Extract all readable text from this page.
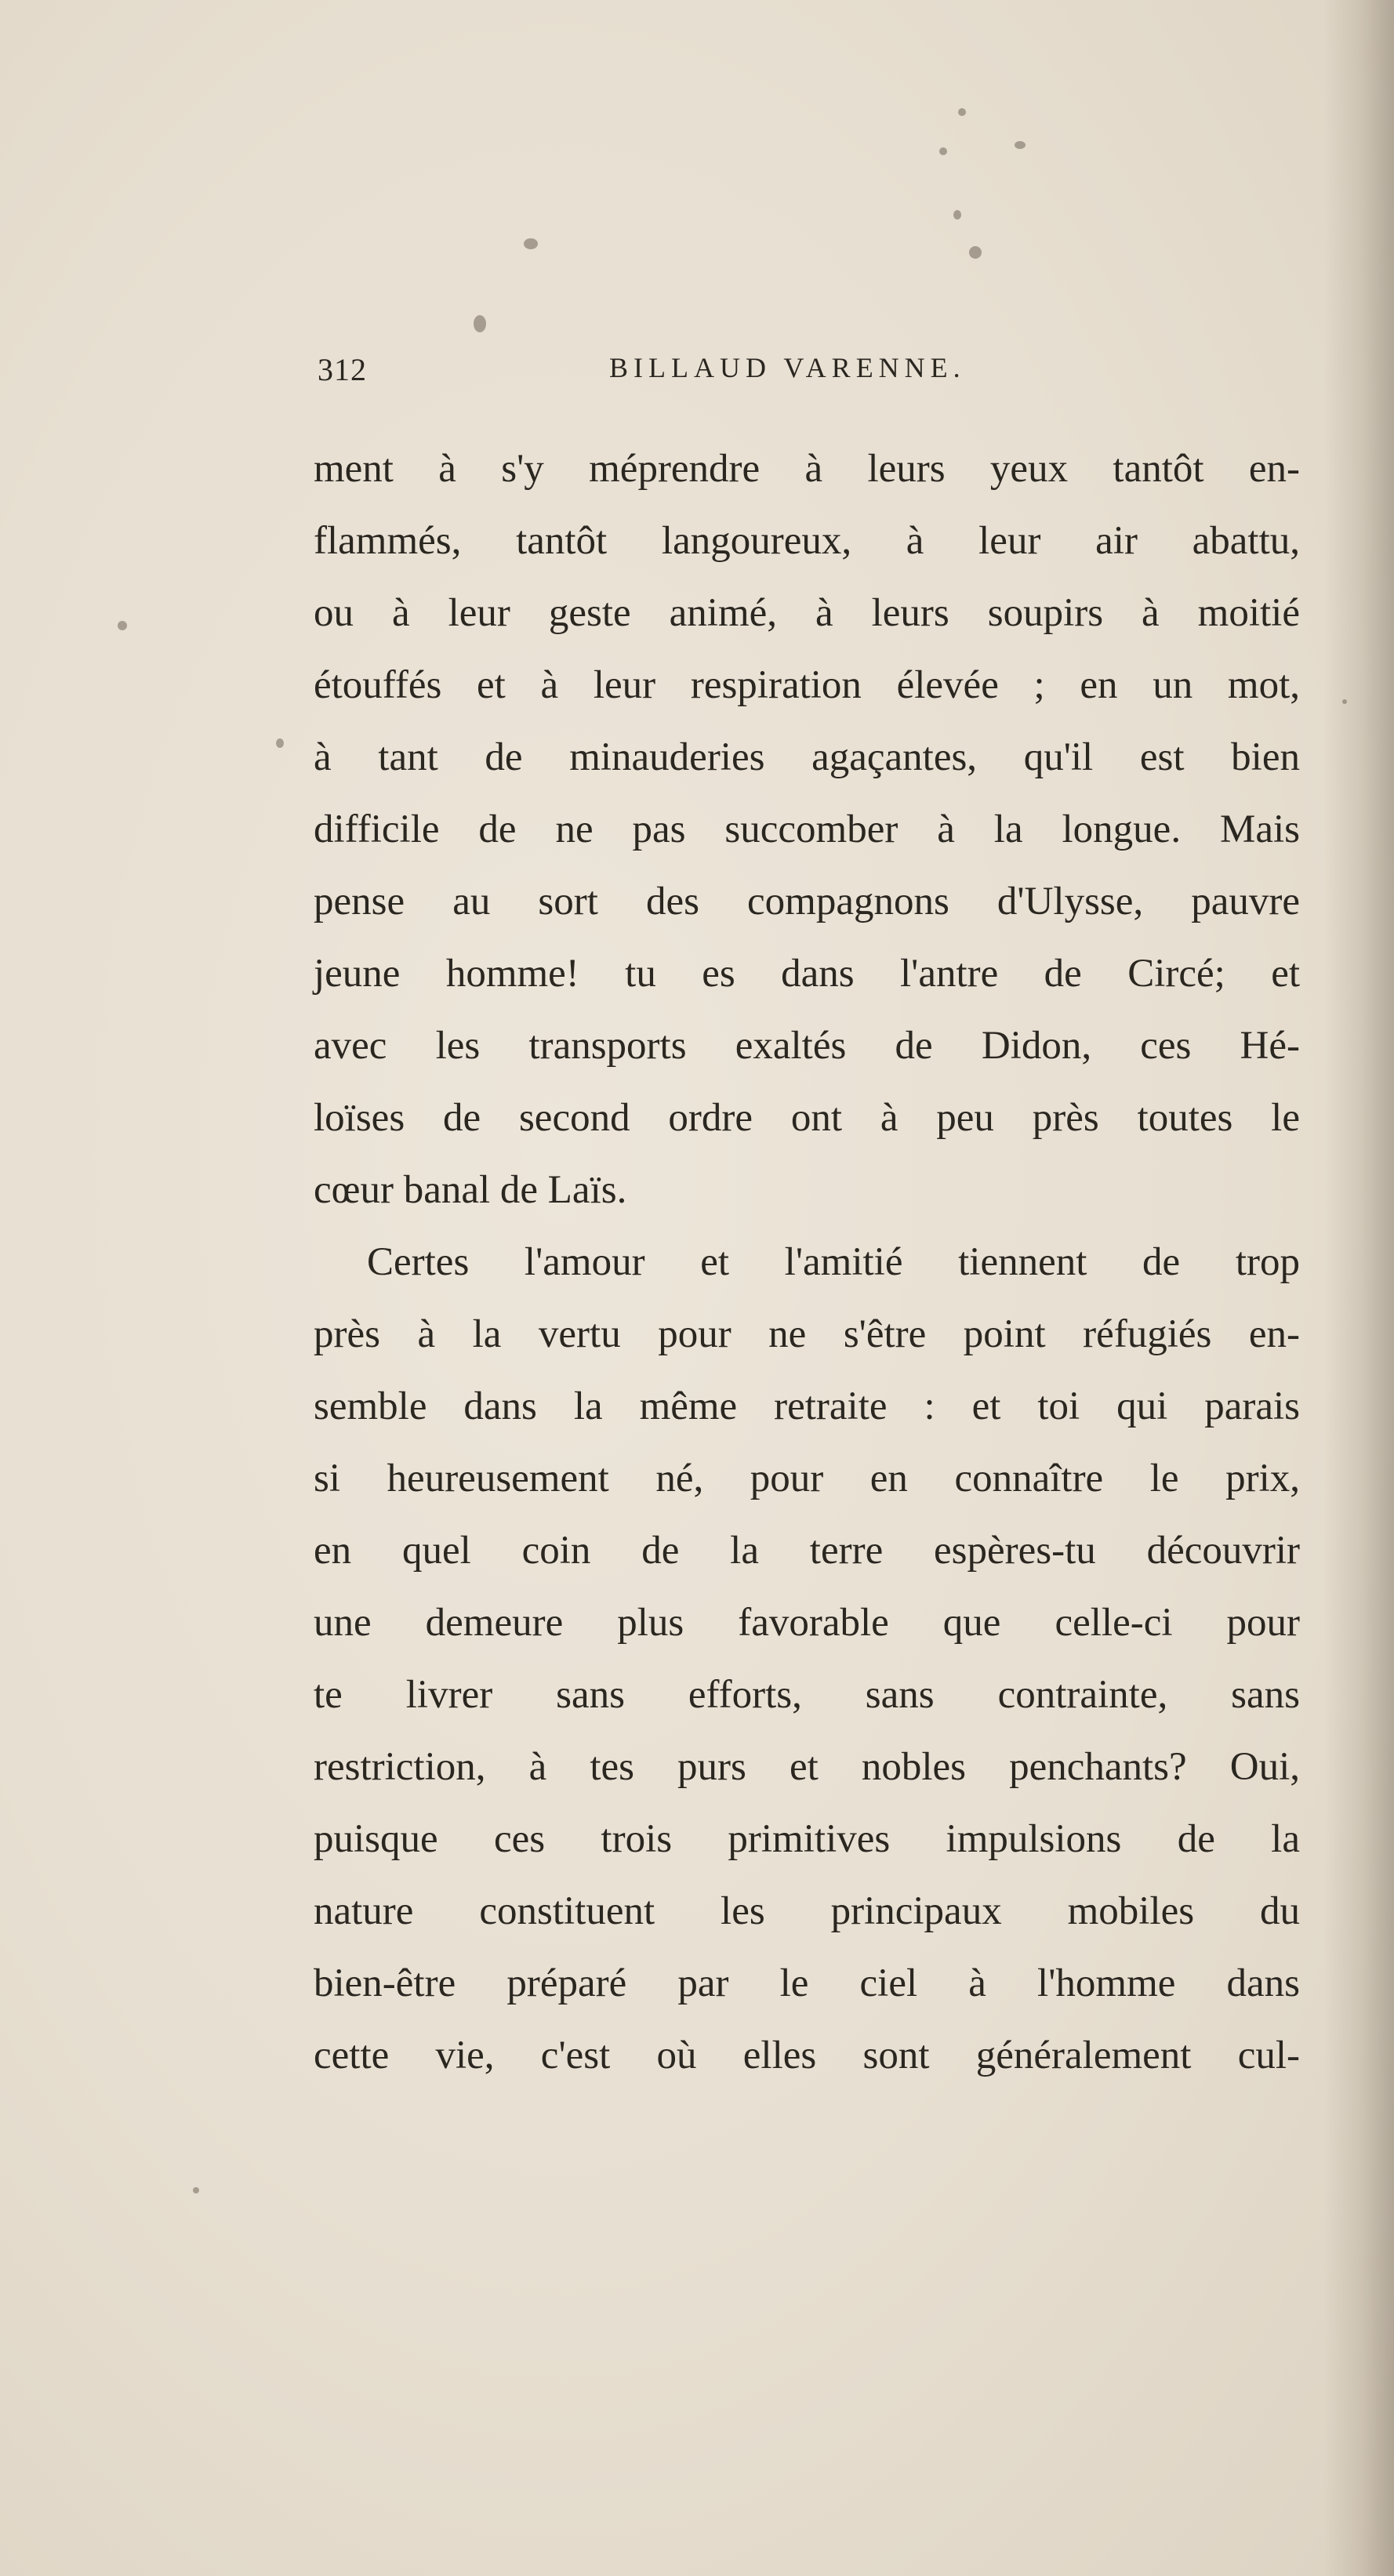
312	BILLAUD VARENNE.
ment à s'y méprendre à leurs yeux tantôt en-
flammés, tantôt langoureux, à leur air abattu,
ou à leur geste animé, à leurs soupirs à moitié
étouffés et à leur respiration élevée ; en un mot,
à tant de minauderies agaçantes, qu'il est bien
difficile de ne pas succomber à la longue. Mais
pense au sort des compagnons d'Ulysse, pauvre
jeune homme! tu es dans l'antre de Circé; et
avec les transports exaltés de Didon, ces Hé-
loïses de second ordre ont à peu près toutes le
cœur banal de Laïs.
Certes l'amour et l'amitié tiennent de trop
près à la vertu pour ne s'être point réfugiés en-
semble dans la même retraite : et toi qui parais
si heureusement né, pour en connaître le prix,
en quel coin de la terre espères-tu découvrir
une demeure plus favorable que celle-ci pour
te livrer sans efforts, sans contrainte, sans
restriction, à tes purs et nobles penchants? Oui,
puisque ces trois primitives impulsions de la
nature constituent les principaux mobiles du
bien-être préparé par le ciel à l'homme dans
cette vie, c'est où elles sont généralement cul-
